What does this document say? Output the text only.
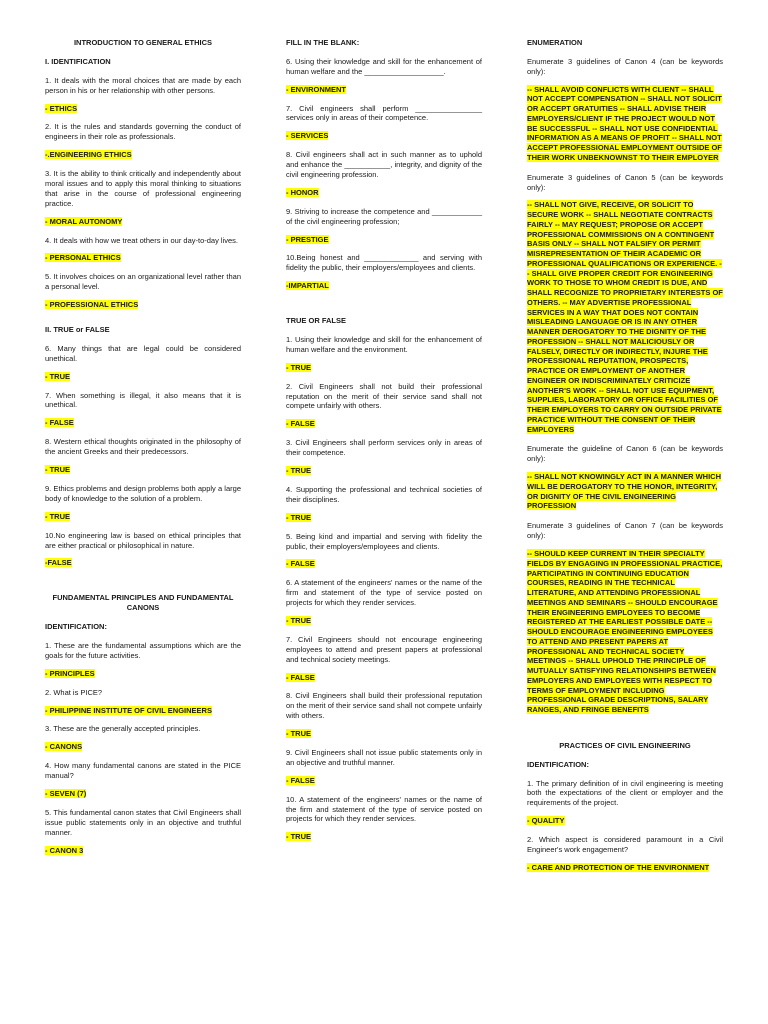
INTRODUCTION TO GENERAL ETHICS
I. IDENTIFICATION
1. It deals with the moral choices that are made by each person in his or her relationship with other persons.
- ETHICS
2. It is the rules and standards governing the conduct of engineers in their role as professionals.
-.ENGINEERING ETHICS
3. It is the ability to think critically and independently about moral issues and to apply this moral thinking to situations that arise in the course of professional engineering practice.
- MORAL AUTONOMY
4. It deals with how we treat others in our day-to-day lives.
- PERSONAL ETHICS
5. It involves choices on an organizational level rather than a personal level.
- PROFESSIONAL ETHICS
II. TRUE or FALSE
6. Many things that are legal could be considered unethical.
- TRUE
7. When something is illegal, it also means that it is unethical.
- FALSE
8. Western ethical thoughts originated in the philosophy of the ancient Greeks and their predecessors.
- TRUE
9. Ethics problems and design problems both apply a large body of knowledge to the solution of a problem.
- TRUE
10.No engineering law is based on ethical principles that are either practical or philosophical in nature.
-FALSE
FUNDAMENTAL PRINCIPLES AND FUNDAMENTAL CANONS
IDENTIFICATION:
1. These are the fundamental assumptions which are the goals for the future activities.
- PRINCIPLES
2. What is PICE?
- PHILIPPINE INSTITUTE OF CIVIL ENGINEERS
3. These are the generally accepted principles.
- CANONS
4. How many fundamental canons are stated in the PICE manual?
- SEVEN (7)
5. This fundamental canon states that Civil Engineers shall issue public statements only in an objective and truthful manner.
- CANON 3
FILL IN THE BLANK:
6. Using their knowledge and skill for the enhancement of human welfare and the ___________________.
- ENVIRONMENT
7. Civil engineers shall perform ________________ services only in areas of their competence.
- SERVICES
8. Civil engineers shall act in such manner as to uphold and enhance the ___________, integrity, and dignity of the civil engineering profession.
- HONOR
9. Striving to increase the competence and ____________ of the civil engineering profession;
- PRESTIGE
10.Being honest and _____________ and serving with fidelity the public, their employers/employees and clients.
-IMPARTIAL
TRUE OR FALSE
1. Using their knowledge and skill for the enhancement of human welfare and the environment.
- TRUE
2. Civil Engineers shall not build their professional reputation on the merit of their service sand shall not compete unfairly with others.
- FALSE
3. Civil Engineers shall perform services only in areas of their competence.
- TRUE
4. Supporting the professional and technical societies of their disciplines.
- TRUE
5. Being kind and impartial and serving with fidelity the public, their employers/employees and clients.
- FALSE
6. A statement of the engineers' names or the name of the firm and statement of the type of service posted on projects for which they render services.
- TRUE
7. Civil Engineers should not encourage engineering employees to attend and present papers at professional and technical society meetings.
- FALSE
8. Civil Engineers shall build their professional reputation on the merit of their service sand shall not compete unfairly with others.
- TRUE
9. Civil Engineers shall not issue public statements only in an objective and truthful manner.
- FALSE
10. A statement of the engineers' names or the name of the firm and statement of the type of service posted on projects for which they render services.
- TRUE
ENUMERATION
Enumerate 3 guidelines of Canon 4 (can be keywords only):
-- SHALL AVOID CONFLICTS WITH CLIENT -- SHALL NOT ACCEPT COMPENSATION -- SHALL NOT SOLICIT OR ACCEPT GRATUITIES -- SHALL ADVISE THEIR EMPLOYERS/CLIENT IF THE PROJECT WOULD NOT BE SUCCESSFUL -- SHALL NOT USE CONFIDENTIAL INFORMATION AS A MEANS OF PROFIT -- SHALL NOT ACCEPT PROFESSIONAL EMPLOYMENT OUTSIDE OF THEIR WORK UNBEKNOWNST TO THEIR EMPLOYER
Enumerate 3 guidelines of Canon 5 (can be keywords only):
-- SHALL NOT GIVE, RECEIVE, OR SOLICIT TO SECURE WORK -- SHALL NEGOTIATE CONTRACTS FAIRLY -- MAY REQUEST; PROPOSE OR ACCEPT PROFESSIONAL COMMISSIONS ON A CONTINGENT BASIS ONLY -- SHALL NOT FALSIFY OR PERMIT MISREPRESENTATION OF THEIR ACADEMIC OR PROFESSIONAL QUALIFICATIONS OR EXPERIENCE. -- SHALL GIVE PROPER CREDIT FOR ENGINEERING WORK TO THOSE TO WHOM CREDIT IS DUE, AND SHALL RECOGNIZE TO PROPRIETARY INTERESTS OF OTHERS. -- MAY ADVERTISE PROFESSIONAL SERVICES IN A WAY THAT DOES NOT CONTAIN MISLEADING LANGUAGE OR IS IN ANY OTHER MANNER DEROGATORY TO THE DIGNITY OF THE PROFESSION -- SHALL NOT MALICIOUSLY OR FALSELY, DIRECTLY OR INDIRECTLY, INJURE THE PROFESSIONAL REPUTATION, PROSPECTS, PRACTICE OR EMPLOYMENT OF ANOTHER ENGINEER OR INDISCRIMINATELY CRITICIZE ANOTHER'S WORK -- SHALL NOT USE EQUIPMENT, SUPPLIES, LABORATORY OR OFFICE FACILITIES OF THEIR EMPLOYERS TO CARRY ON OUTSIDE PRIVATE PRACTICE WITHOUT THE CONSENT OF THEIR EMPLOYERS
Enumerate the guideline of Canon 6 (can be keywords only):
-- SHALL NOT KNOWINGLY ACT IN A MANNER WHICH WILL BE DEROGATORY TO THE HONOR, INTEGRITY, OR DIGNITY OF THE CIVIL ENGINEERING PROFESSION
Enumerate 3 guidelines of Canon 7 (can be keywords only):
-- SHOULD KEEP CURRENT IN THEIR SPECIALTY FIELDS BY ENGAGING IN PROFESSIONAL PRACTICE, PARTICIPATING IN CONTINUING EDUCATION COURSES, READING IN THE TECHNICAL LITERATURE, AND ATTENDING PROFESSIONAL MEETINGS AND SEMINARS -- SHOULD ENCOURAGE THEIR ENGINEERING EMPLOYEES TO BECOME REGISTERED AT THE EARLIEST POSSIBLE DATE -- SHOULD ENCOURAGE ENGINEERING EMPLOYEES TO ATTEND AND PRESENT PAPERS AT PROFESSIONAL AND TECHNICAL SOCIETY MEETINGS -- SHALL UPHOLD THE PRINCIPLE OF MUTUALLY SATISFYING RELATIONSHIPS BETWEEN EMPLOYERS AND EMPLOYEES WITH RESPECT TO TERMS OF EMPLOYMENT INCLUDING PROFESSIONAL GRADE DESCRIPTIONS, SALARY RANGES, AND FRINGE BENEFITS
PRACTICES OF CIVIL ENGINEERING
IDENTIFICATION:
1. The primary definition of in civil engineering is meeting both the expectations of the client or employer and the requirements of the project.
- QUALITY
2. Which aspect is considered paramount in a Civil Engineer's work engagement?
- CARE AND PROTECTION OF THE ENVIRONMENT
